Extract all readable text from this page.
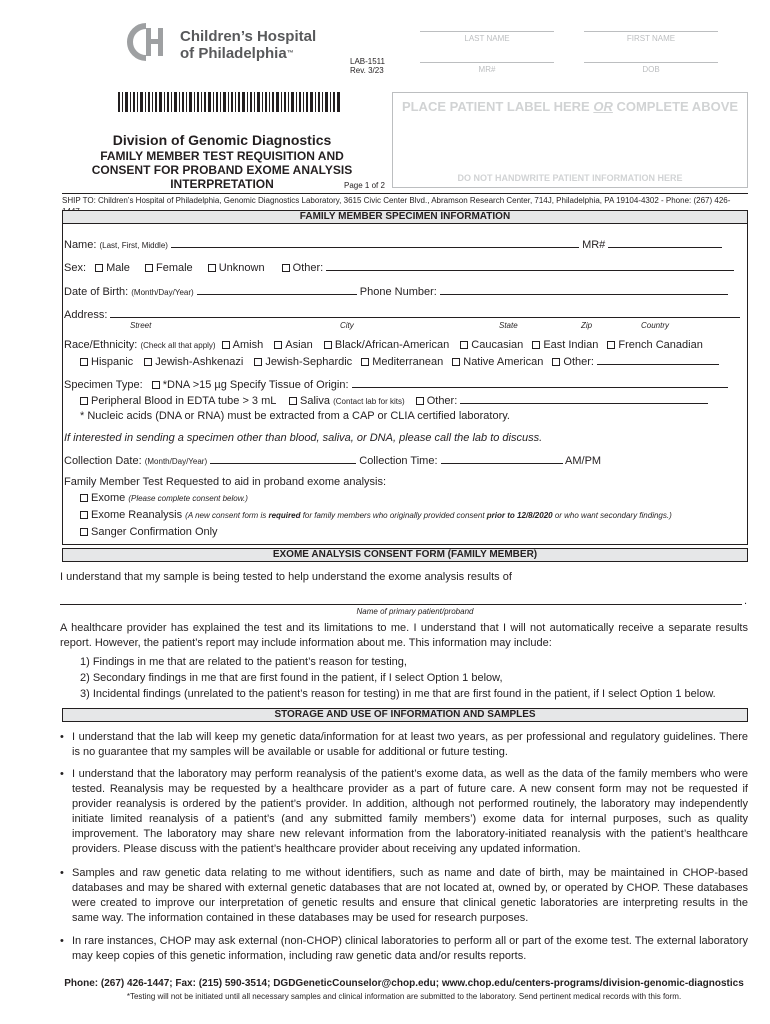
Children’s Hospital
of Philadelphia™
LAB-1511
Rev. 3/23
LAST NAME	FIRST NAME
MR#	DOB
PLACE PATIENT LABEL HERE OR COMPLETE ABOVE
DO NOT HANDWRITE PATIENT INFORMATION HERE
Division of Genomic Diagnostics
FAMILY MEMBER TEST REQUISITION AND
CONSENT FOR PROBAND EXOME ANALYSIS
INTERPRETATION	Page 1 of 2
SHIP TO: Children’s Hospital of Philadelphia, Genomic Diagnostics Laboratory, 3615 Civic Center Blvd., Abramson Research Center, 714J, Philadelphia, PA 19104-4302 - Phone: (267) 426-
FAMILY MEMBER SPECIMEN INFORMATION
Name: (Last, First, Middle)	MR#
Sex: Male Female Unknown	Other:
Date of Birth: (Month/Day/Year)	Phone Number:
Address:
Street	City	State	Zip	Country
Race/Ethnicity: (Check all that apply) Amish Asian Black/African-American Caucasian East Indian French Canadian
Hispanic Jewish-Ashkenazi Jewish-Sephardic Mediterranean Native American Other:
Specimen Type: *DNA >15 µg Specify Tissue of Origin:
Peripheral Blood in EDTA tube > 3 mL Saliva (Contact lab for kits) Other:
* Nucleic acids (DNA or RNA) must be extracted from a CAP or CLIA certified laboratory.
If interested in sending a specimen other than blood, saliva, or DNA, please call the lab to discuss.
Collection Date: (Month/Day/Year)	Collection Time:	AM/PM
Family Member Test Requested to aid in proband exome analysis:
Exome (Please complete consent below.)
Exome Reanalysis (A new consent form is required for family members who originally provided consent prior to 12/8/2020 or who want secondary findings.)
Sanger Confirmation Only
EXOME ANALYSIS CONSENT FORM (FAMILY MEMBER)
I understand that my sample is being tested to help understand the exome analysis results of
.
Name of primary patient/proband
A healthcare provider has explained the test and its limitations to me. I understand that I will not automatically receive a separate results report. However, the patient’s report may include information about me. This information may include:
1) Findings in me that are related to the patient’s reason for testing,
2) Secondary findings in me that are first found in the patient, if I select Option 1 below,
3) Incidental findings (unrelated to the patient’s reason for testing) in me that are first found in the patient, if I select Option 1 below.
STORAGE AND USE OF INFORMATION AND SAMPLES
• I understand that the lab will keep my genetic data/information for at least two years, as per professional and regulatory guidelines. There is no guarantee that my samples will be available or usable for additional or future testing.
• I understand that the laboratory may perform reanalysis of the patient’s exome data, as well as the data of the family members who were tested. Reanalysis may be requested by a healthcare provider as a part of future care. A new consent form may not be requested if provider reanalysis is ordered by the patient’s provider. In addition, although not performed routinely, the laboratory may independently initiate limited reanalysis of a patient’s (and any submitted family members’) exome data for internal purposes, such as quality improvement. The laboratory may share new relevant information from the laboratory-initiated reanalysis with the patient’s healthcare providers. Please discuss with the patient’s healthcare provider about receiving any updated information.
• Samples and raw genetic data relating to me without identifiers, such as name and date of birth, may be maintained in CHOP-based databases and may be shared with external genetic databases that are not located at, owned by, or operated by CHOP. These databases were created to improve our interpretation of genetic results and ensure that clinical genetic laboratories are interpreting results in the same way. The information contained in these databases may be used for research purposes.
• In rare instances, CHOP may ask external (non-CHOP) clinical laboratories to perform all or part of the exome test. The external laboratory may keep copies of this genetic information, including raw genetic data and/or results reports.
Phone: (267) 426-1447; Fax: (215) 590-3514; DGDGeneticCounselor@chop.edu; www.chop.edu/centers-programs/division-genomic-diagnostics
*Testing will not be initiated until all necessary samples and clinical information are submitted to the laboratory. Send pertinent medical records with this form.
